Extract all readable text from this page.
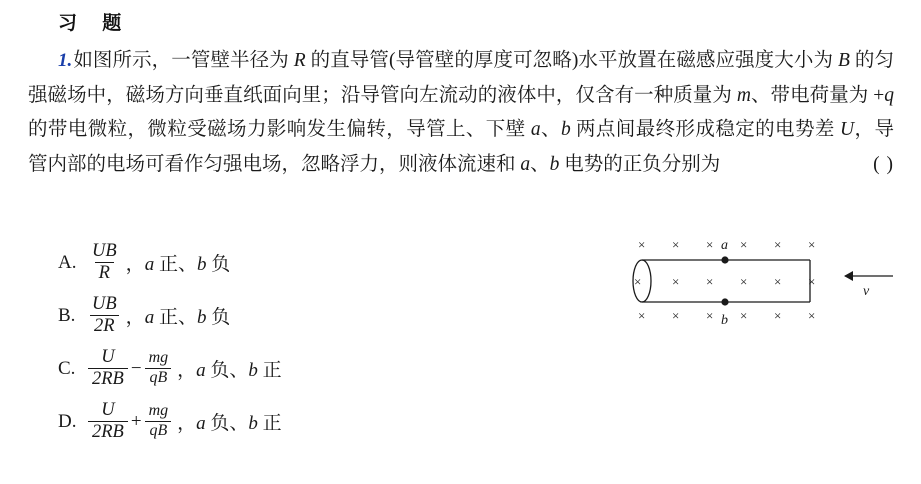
习 题
1.如图所示，一管壁半径为 R 的直导管(导管壁的厚度可忽略)水平放置在磁感应强度大小为 B 的匀强磁场中，磁场方向垂直纸面向里；沿导管向左流动的液体中，仅含有一种质量为 m、带电荷量为 +q 的带电微粒，微粒受磁场力影响发生偏转，导管上、下壁 a、b 两点间最终形成稳定的电势差 U，导管内部的电场可看作匀强电场，忽略浮力，则液体流速和 a、b 电势的正负分别为	( )
A. $\frac{UB}{R}$ ，a 正、b 负
B. $\frac{UB}{2R}$ ，a 正、b 负
C. $\frac{U}{2RB} - \frac{mg}{qB}$ ，a 负、b 正
D. $\frac{U}{2RB} + \frac{mg}{qB}$ ，a 负、b 正
× × × × × ×
× × × × × ×
× × × × × ×
a
b
v
